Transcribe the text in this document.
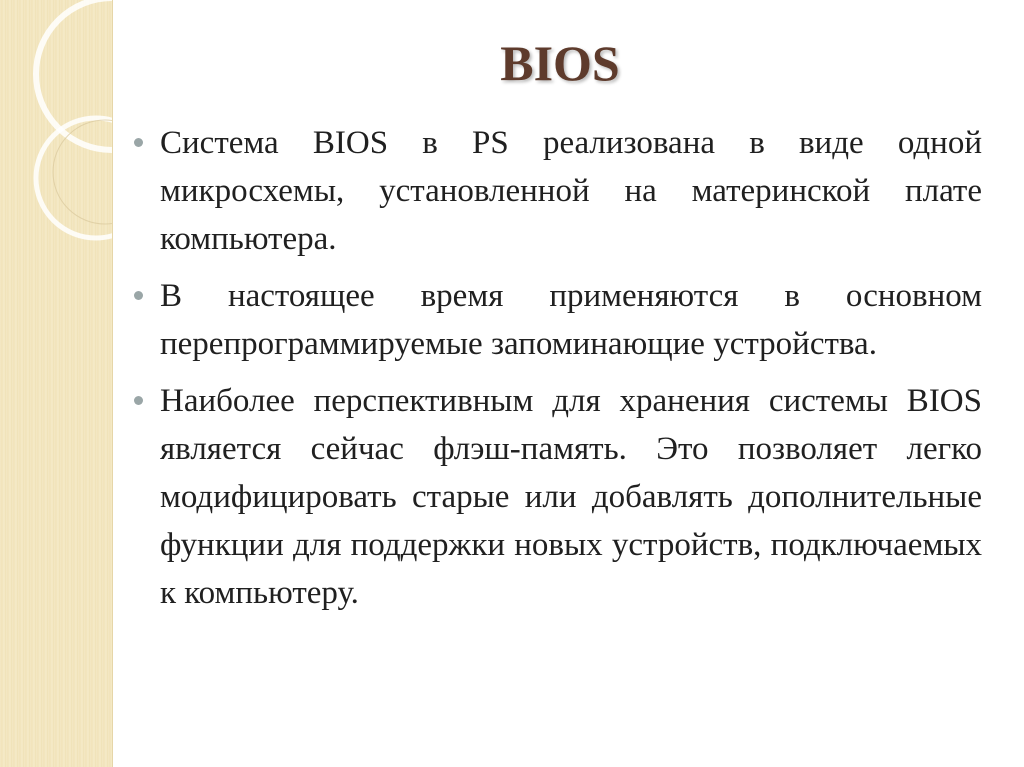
BIOS
Система BIOS в PS реализована в виде одной микросхемы, установленной на материнской плате компьютера.
В настоящее время применяются в основном перепрограммируемые запоминающие устройства.
Наиболее перспективным для хранения системы BIOS является сейчас флэш-память. Это позволяет легко модифицировать старые или добавлять дополнительные функции для поддержки новых устройств, подключаемых к компьютеру.
